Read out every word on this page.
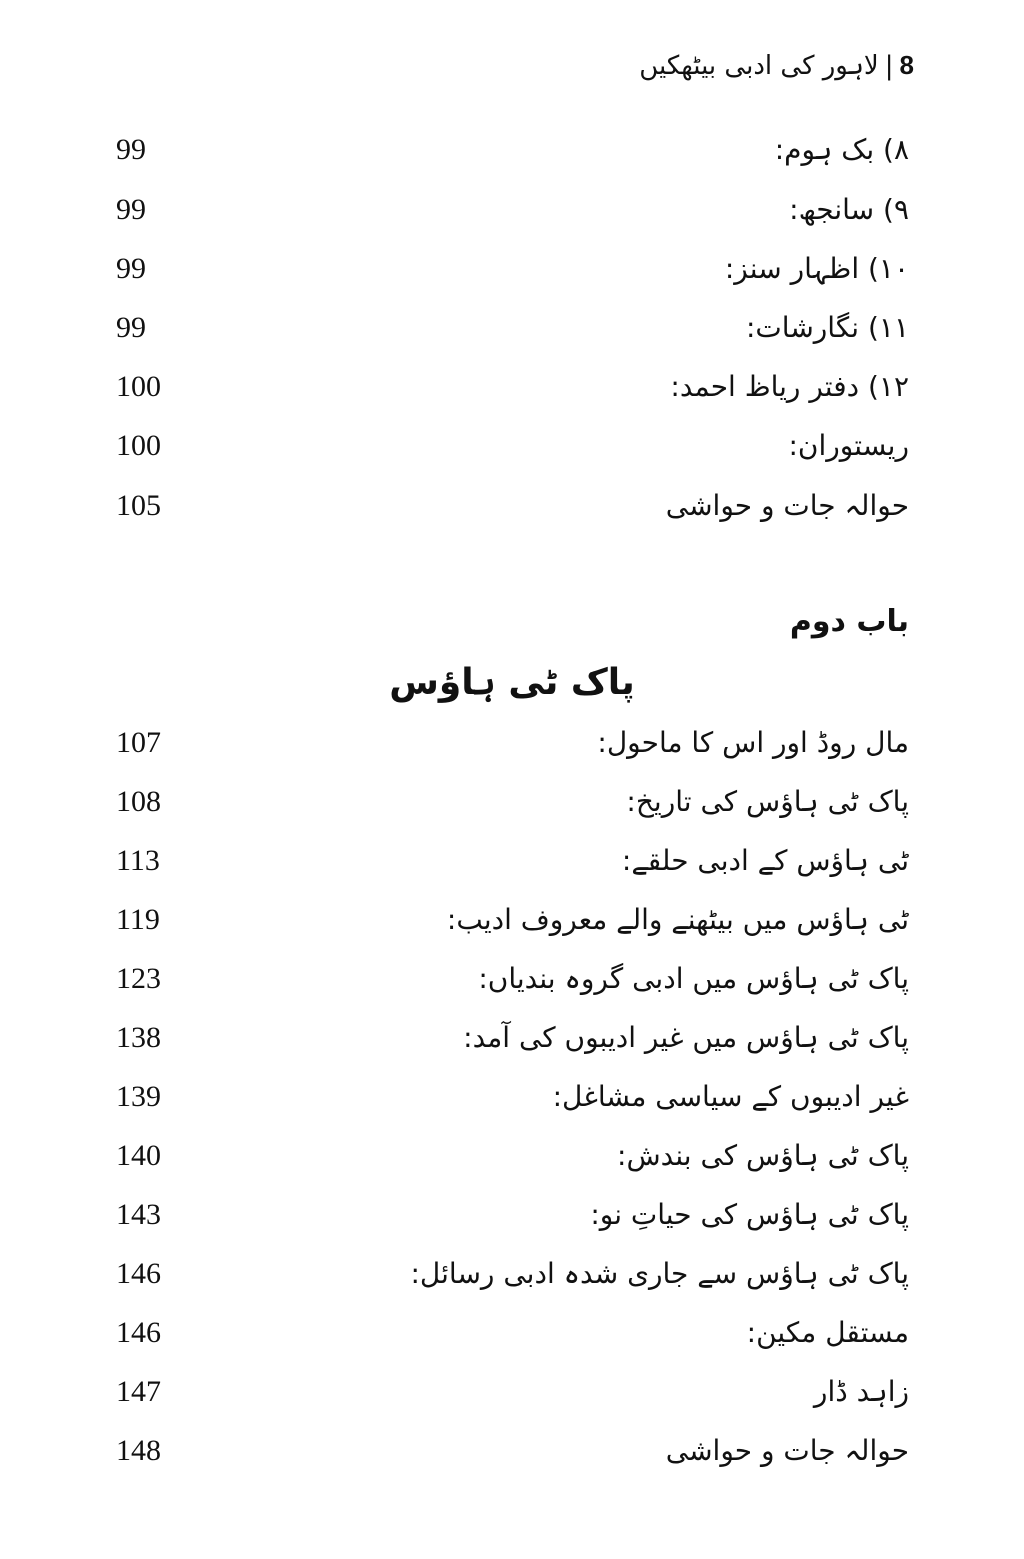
8|لاہور کی ادبی بیٹھکیں
۸) بک ہوم:
99
۹) سانجھ:
99
۱۰) اظہار سنز:
99
۱۱) نگارشات:
99
۱۲) دفتر ریاظ احمد:
100
ریستوران:
100
حوالہ جات و حواشی
105
باب دوم
پاک ٹی ہاؤس
مال روڈ اور اس کا ماحول:
107
پاک ٹی ہاؤس کی تاریخ:
108
ٹی ہاؤس کے ادبی حلقے:
113
ٹی ہاؤس میں بیٹھنے والے معروف ادیب:
119
پاک ٹی ہاؤس میں ادبی گروہ بندیاں:
123
پاک ٹی ہاؤس میں غیر ادیبوں کی آمد:
138
غیر ادیبوں کے سیاسی مشاغل:
139
پاک ٹی ہاؤس کی بندش:
140
پاک ٹی ہاؤس کی حیاتِ نو:
143
پاک ٹی ہاؤس سے جاری شدہ ادبی رسائل:
146
مستقل مکین:
146
زاہد ڈار
147
حوالہ جات و حواشی
148
